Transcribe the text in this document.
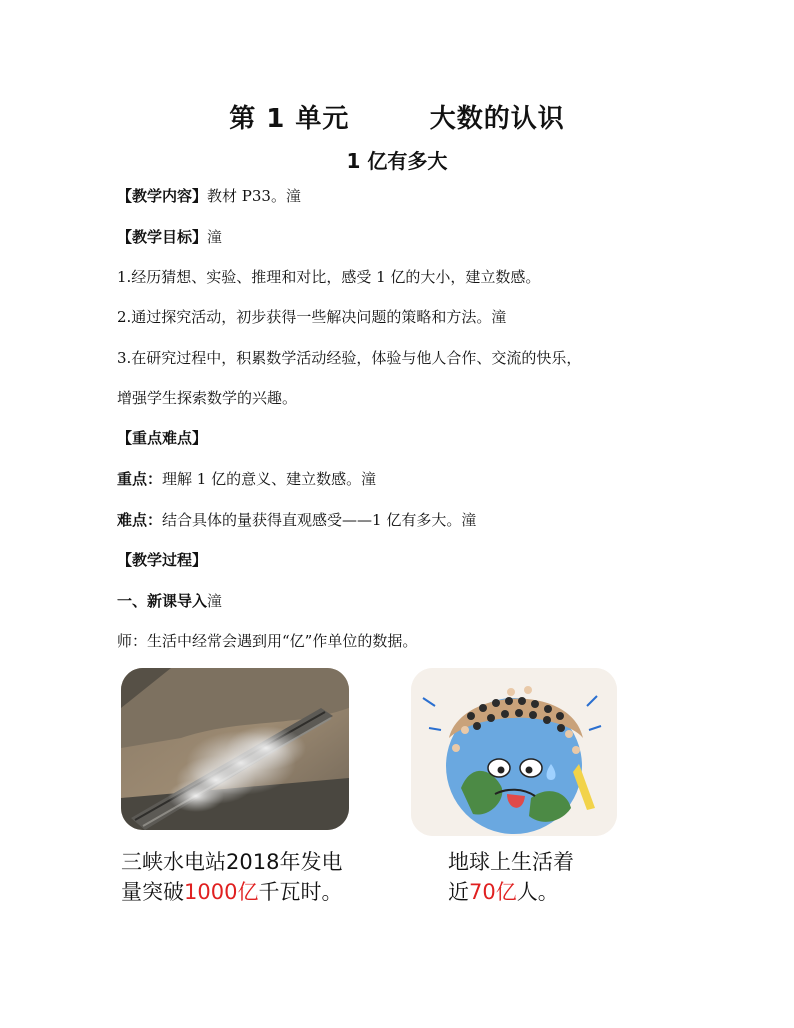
第 1 单元        大数的认识
1 亿有多大
【教学内容】教材 P33。潼
【教学目标】潼
1.经历猜想、实验、推理和对比，感受 1 亿的大小，建立数感。
2.通过探究活动，初步获得一些解决问题的策略和方法。潼
3.在研究过程中，积累数学活动经验，体验与他人合作、交流的快乐，
增强学生探索数学的兴趣。
【重点难点】
重点：理解 1 亿的意义、建立数感。潼
难点：结合具体的量获得直观感受——1 亿有多大。潼
【教学过程】
一、新课导入潼
师：生活中经常会遇到用“亿”作单位的数据。
三峡水电站2018年发电
量突破1000亿千瓦时。
地球上生活着
近70亿人。
